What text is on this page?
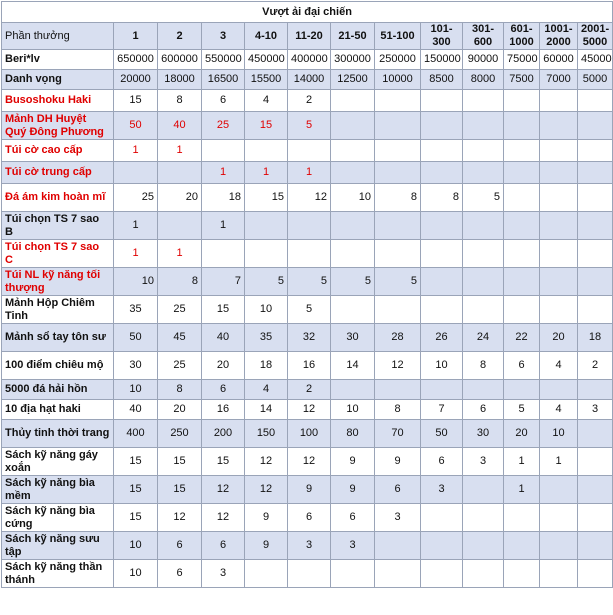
Vượt ải đại chiến												
Phần thưởng	1	2	3	4-10	11-20	21-50	51-100	101-300	301-600	601-1000	1001-2000	2001-5000
Beri*lv	650000	600000	550000	450000	400000	300000	250000	150000	90000	75000	60000	45000
Danh vọng	20000	18000	16500	15500	14000	12500	10000	8500	8000	7500	7000	5000
Busoshoku Haki	15	8	6	4	2							
Mảnh DH Huyệt Quý Đông Phương	50	40	25	15	5							
Túi cờ cao cấp	1	1										
Túi cờ trung cấp			1	1	1							
Đá ám kim hoàn mĩ	25	20	18	15	12	10	8	8	5			
Túi chọn TS 7 sao B	1		1									
Túi chọn TS 7 sao C	1	1										
Túi NL kỹ năng tối thượng	10	8	7	5	5	5	5					
Mảnh Hộp Chiêm Tinh	35	25	15	10	5							
Mảnh sổ tay tôn sư	50	45	40	35	32	30	28	26	24	22	20	18
100 điểm chiêu mộ	30	25	20	18	16	14	12	10	8	6	4	2
5000 đá hải hồn	10	8	6	4	2							
10 địa hạt haki	40	20	16	14	12	10	8	7	6	5	4	3
Thủy tinh thời trang	400	250	200	150	100	80	70	50	30	20	10	
Sách kỹ năng gáy xoắn	15	15	15	12	12	9	9	6	3	1	1	
Sách kỹ năng bìa mềm	15	15	12	12	9	9	6	3		1		
Sách kỹ năng bìa cứng	15	12	12	9	6	6	3					
Sách kỹ năng sưu tập	10	6	6	9	3	3						
Sách kỹ năng thần thánh	10	6	3									
